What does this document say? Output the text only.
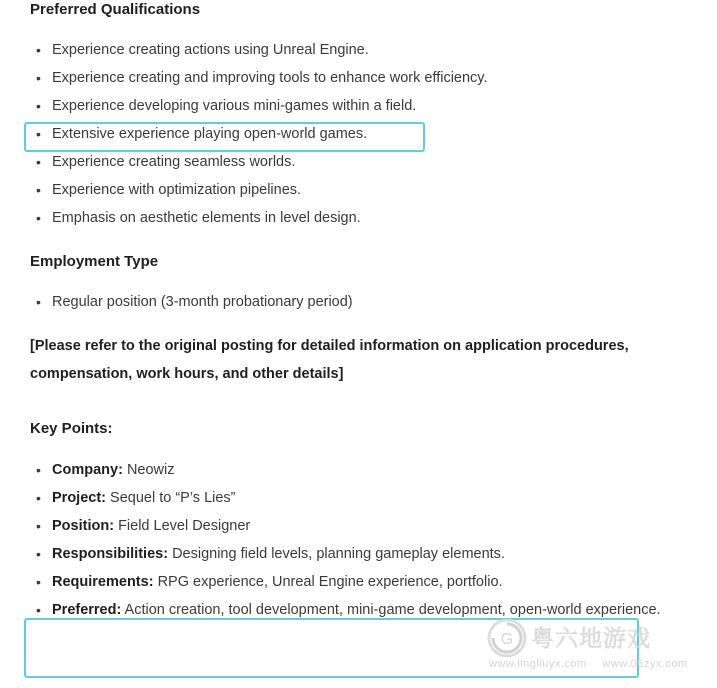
Preferred Qualifications
• Experience creating actions using Unreal Engine.
• Experience creating and improving tools to enhance work efficiency.
• Experience developing various mini-games within a field.
• Extensive experience playing open-world games.
• Experience creating seamless worlds.
• Experience with optimization pipelines.
• Emphasis on aesthetic elements in level design.
Employment Type
• Regular position (3-month probationary period)

[Please refer to the original posting for detailed information on application procedures, compensation, work hours, and other details]

Key Points:
• Company: Neowiz
• Project: Sequel to “P’s Lies”
• Position: Field Level Designer
• Responsibilities: Designing field levels, planning gameplay elements.
• Requirements: RPG experience, Unreal Engine experience, portfolio.
• Preferred: Action creation, tool development, mini-game development, open-world experience.
G 粤六地游戏
www.lingliuyx.com www.06zyx.com
